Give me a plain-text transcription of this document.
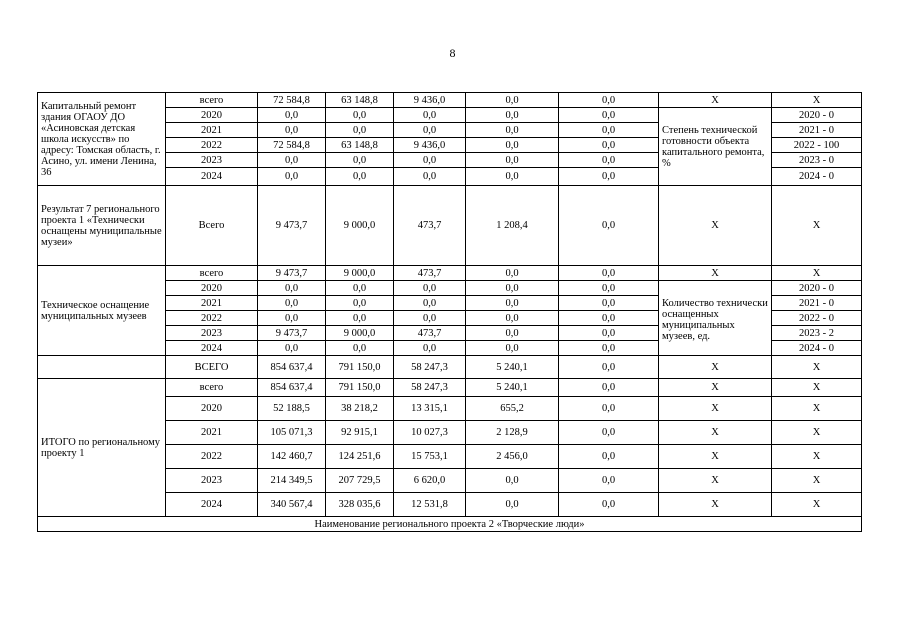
8
Капитальный ремонт здания ОГАОУ ДО «Асиновская детская школа искусств» по адресу: Томская область, г. Асино, ул. имени Ленина, 36	всего	72 584,8	63 148,8	9 436,0	0,0	0,0	Х	Х
	2020	0,0	0,0	0,0	0,0	0,0	Степень технической готовности объекта капитального ремонта, %	2020 - 0
	2021	0,0	0,0	0,0	0,0	0,0		2021 - 0
	2022	72 584,8	63 148,8	9 436,0	0,0	0,0		2022 - 100
	2023	0,0	0,0	0,0	0,0	0,0		2023 - 0
	2024	0,0	0,0	0,0	0,0	0,0		2024 - 0
Результат 7 регионального проекта 1 «Технически оснащены муниципальные музеи»	Всего	9 473,7	9 000,0	473,7	1 208,4	0,0	Х	Х
Техническое оснащение муниципальных музеев	всего	9 473,7	9 000,0	473,7	0,0	0,0	Х	Х
	2020	0,0	0,0	0,0	0,0	0,0	Количество технически оснащенных муниципальных музеев, ед.	2020 - 0
	2021	0,0	0,0	0,0	0,0	0,0		2021 - 0
	2022	0,0	0,0	0,0	0,0	0,0		2022 - 0
	2023	9 473,7	9 000,0	473,7	0,0	0,0		2023 - 2
	2024	0,0	0,0	0,0	0,0	0,0		2024 - 0
	ВСЕГО	854 637,4	791 150,0	58 247,3	5 240,1	0,0	Х	Х
ИТОГО по региональному проекту 1	всего	854 637,4	791 150,0	58 247,3	5 240,1	0,0	Х	Х
	2020	52 188,5	38 218,2	13 315,1	655,2	0,0	Х	Х
	2021	105 071,3	92 915,1	10 027,3	2 128,9	0,0	Х	Х
	2022	142 460,7	124 251,6	15 753,1	2 456,0	0,0	Х	Х
	2023	214 349,5	207 729,5	6 620,0	0,0	0,0	Х	Х
	2024	340 567,4	328 035,6	12 531,8	0,0	0,0	Х	Х
Наименование регионального проекта 2 «Творческие люди»								
